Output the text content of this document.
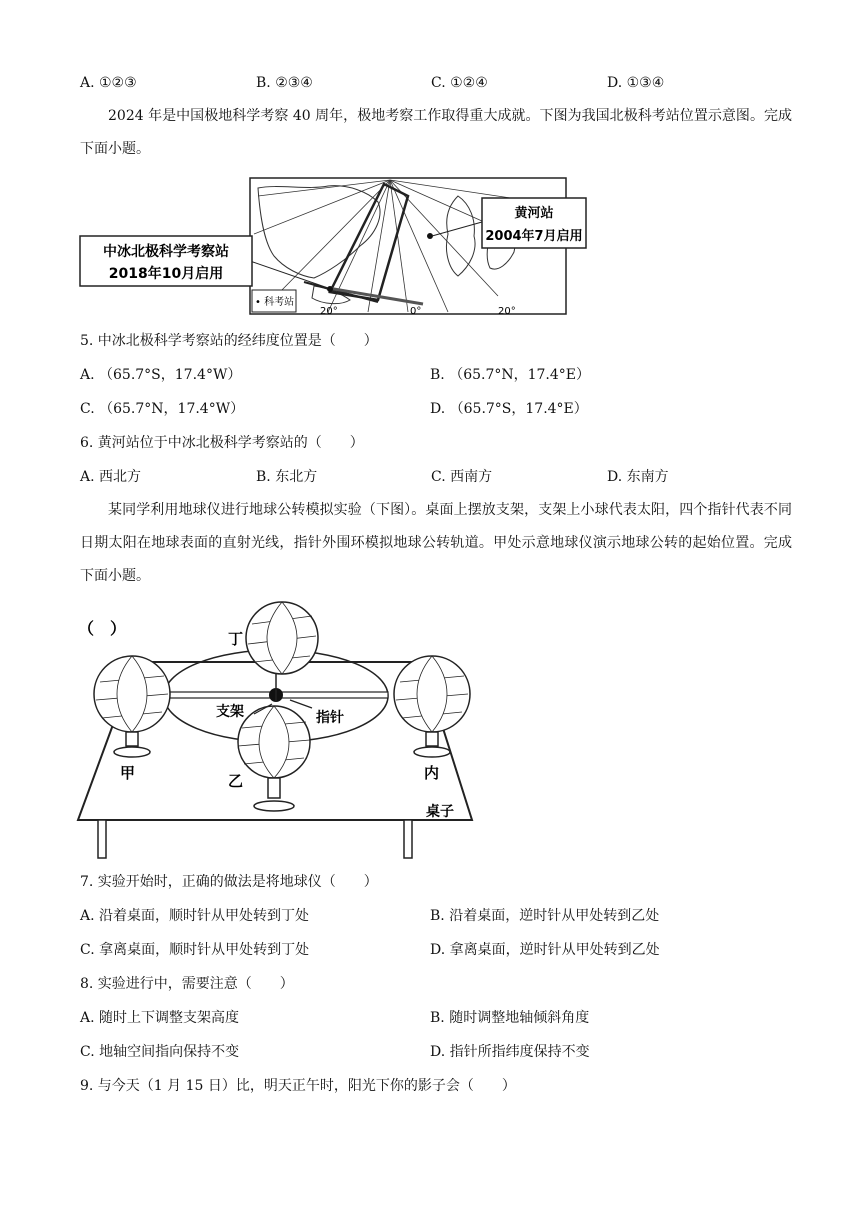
A. ①②③	B. ②③④	C. ①②④	D. ①③④
2024 年是中国极地科学考察 40 周年，极地考察工作取得重大成就。下图为我国北极科考站位置示意图。完成下面小题。
• 科考站
20°	0°	20°
中冰北极科学考察站
2018年10月启用
黄河站
2004年7月启用
5. 中冰北极科学考察站的经纬度位置是（　　）
A. （65.7°S，17.4°W）	B. （65.7°N，17.4°E）
C. （65.7°N，17.4°W）	D. （65.7°S，17.4°E）
6. 黄河站位于中冰北极科学考察站的（　　）
A. 西北方	B. 东北方	C. 西南方	D. 东南方
某同学利用地球仪进行地球公转模拟实验（下图）。桌面上摆放支架，支架上小球代表太阳，四个指针代表不同日期太阳在地球表面的直射光线，指针外围环模拟地球公转轨道。甲处示意地球仪演示地球公转的起始位置。完成下面小题。
（　）
丁
甲	乙	内
支架	指针
桌子
7. 实验开始时，正确的做法是将地球仪（　　）
A. 沿着桌面，顺时针从甲处转到丁处	B. 沿着桌面，逆时针从甲处转到乙处
C. 拿离桌面，顺时针从甲处转到丁处	D. 拿离桌面，逆时针从甲处转到乙处
8. 实验进行中，需要注意（　　）
A. 随时上下调整支架高度	B. 随时调整地轴倾斜角度
C. 地轴空间指向保持不变	D. 指针所指纬度保持不变
9. 与今天（1 月 15 日）比，明天正午时，阳光下你的影子会（　　）
